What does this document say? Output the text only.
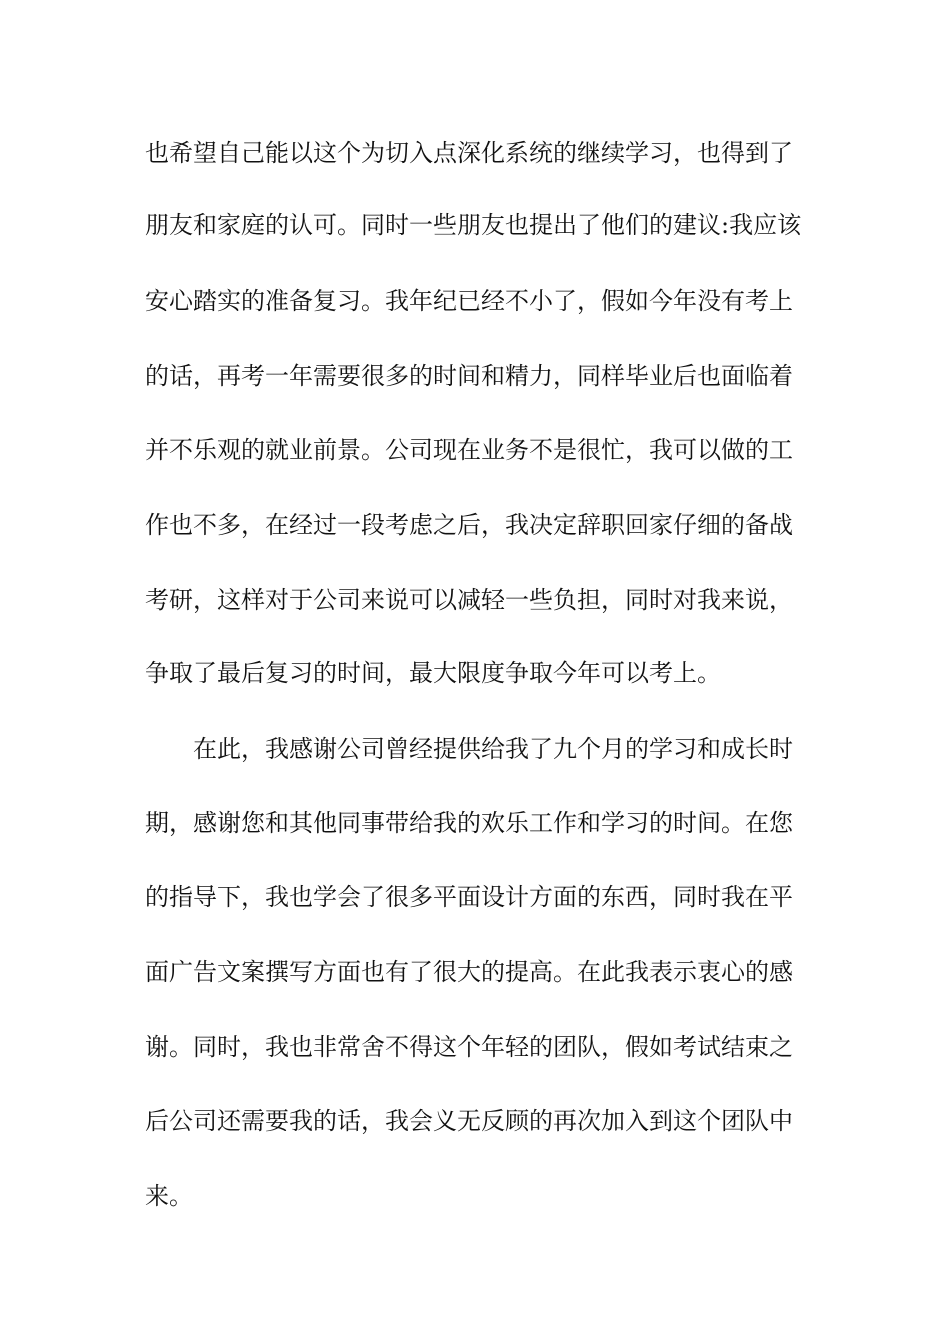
也希望自己能以这个为切入点深化系统的继续学习，也得到了
朋友和家庭的认可。同时一些朋友也提出了他们的建议:我应该
安心踏实的准备复习。我年纪已经不小了，假如今年没有考上
的话，再考一年需要很多的时间和精力，同样毕业后也面临着
并不乐观的就业前景。公司现在业务不是很忙，我可以做的工
作也不多，在经过一段考虑之后，我决定辞职回家仔细的备战
考研，这样对于公司来说可以减轻一些负担，同时对我来说，
争取了最后复习的时间，最大限度争取今年可以考上。
在此，我感谢公司曾经提供给我了九个月的学习和成长时
期，感谢您和其他同事带给我的欢乐工作和学习的时间。在您
的指导下，我也学会了很多平面设计方面的东西，同时我在平
面广告文案撰写方面也有了很大的提高。在此我表示衷心的感
谢。同时，我也非常舍不得这个年轻的团队，假如考试结束之
后公司还需要我的话，我会义无反顾的再次加入到这个团队中
来。
